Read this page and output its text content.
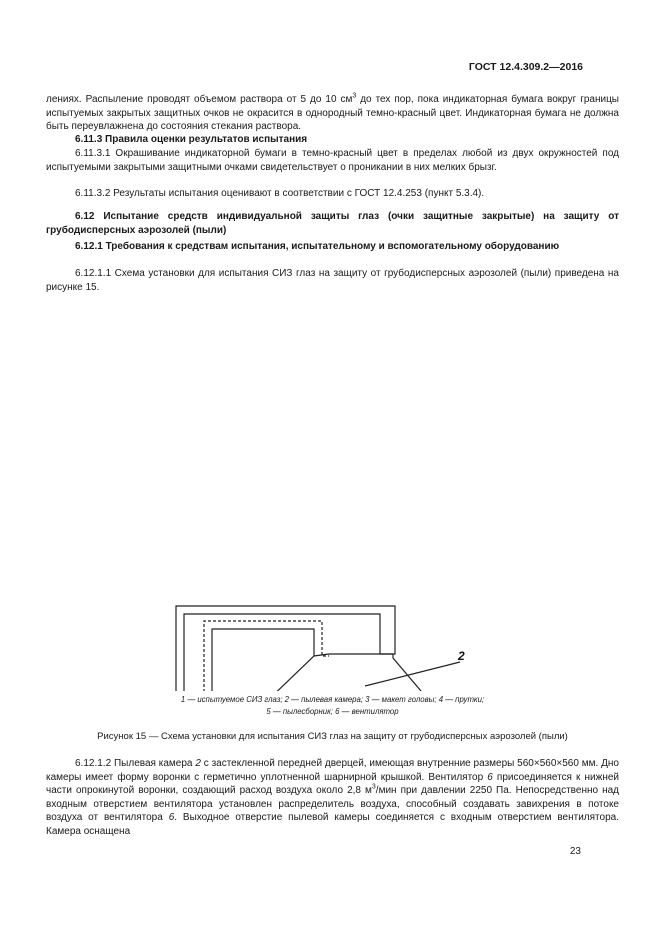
ГОСТ 12.4.309.2—2016
лениях. Распыление проводят объемом раствора от 5 до 10 $см^3$ до тех пор, пока индикаторная бумага вокруг границы испытуемых закрытых защитных очков не окрасится в однородный темно-красный цвет. Индикаторная бумага не должна быть переувлажнена до состояния стекания раствора.
6.11.3 Правила оценки результатов испытания
6.11.3.1 Окрашивание индикаторной бумаги в темно-красный цвет в пределах любой из двух окружностей под испытуемыми закрытыми защитными очками свидетельствует о проникании в них мелких брызг.
6.11.3.2 Результаты испытания оценивают в соответствии с ГОСТ 12.4.253 (пункт 5.3.4).
6.12 Испытание средств индивидуальной защиты глаз (очки защитные закрытые) на защиту от грубодисперсных аэрозолей (пыли)
6.12.1 Требования к средствам испытания, испытательному и вспомогательному оборудованию
6.12.1.1 Схема установки для испытания СИЗ глаз на защиту от грубодисперсных аэрозолей (пыли) приведена на рисунке 15.
2
1 — испытуемое СИЗ глаз; 2 — пылевая камера; 3 — макет головы; 4 — прутки;
5 — пылесборник; 6 — вентилятор
Рисунок 15 — Схема установки для испытания СИЗ глаз на защиту от грубодисперсных аэрозолей (пыли)
6.12.1.2 Пылевая камера 2 с застекленной передней дверцей, имеющая внутренние размеры 560×560×560 мм. Дно камеры имеет форму воронки с герметично уплотненной шарнирной крышкой. Вентилятор 6 присоединяется к нижней части опрокинутой воронки, создающий расход воздуха около 2,8 $м^3$/мин при давлении 2250 Па. Непосредственно над входным отверстием вентилятора установлен распределитель воздуха, способный создавать завихрения в потоке воздуха от вентилятора 6. Выходное отверстие пылевой камеры соединяется с входным отверстием вентилятора. Камера оснащена
23
